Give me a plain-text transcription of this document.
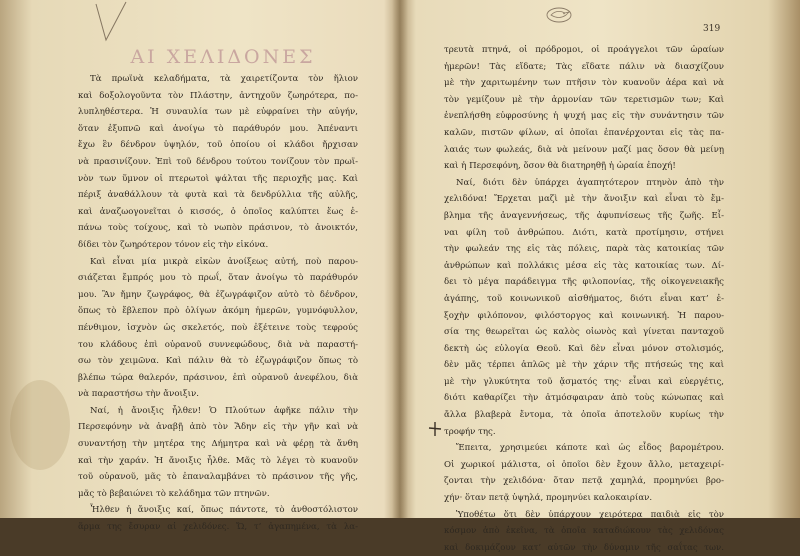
ΑΙ ΧΕΛΙΔΟΝΕΣ
Τὰ πρωϊνὰ κελαδήματα, τὰ χαιρετίζοντα τὸν ἥλιον
καὶ δοξολογοῦντα τὸν Πλάστην, ἀντηχοῦν ζωηρότερα, πο-
λυπληθέστερα. Ἡ συναυλία των μὲ εὐφραίνει τὴν αὐγήν,
ὅταν ἐξυπνῶ καὶ ἀνοίγω τὸ παράθυρόν μου. Ἀπέναντι
ἔχω ἓν δένδρον ὑψηλόν, τοῦ ὁποίου οἱ κλάδοι ἤρχισαν
νὰ πρασινίζουν. Ἐπὶ τοῦ δένδρου τούτου τονίζουν τὸν πρωϊ-
νὸν των ὕμνον οἱ πτερωτοὶ ψάλται τῆς περιοχῆς μας. Καὶ
πέριξ ἀναθάλλουν τὰ φυτὰ καὶ τὰ δενδρύλλια τῆς αὐλῆς,
καὶ ἀναζωογονεῖται ὁ κισσός, ὁ ὁποῖος καλύπτει ἕως ἐ-
πάνω τοὺς τοίχους, καὶ τὸ νωπὸν πράσινον, τὸ ἀνοικτόν,
δίδει τὸν ζωηρότερον τόνον εἰς τὴν εἰκόνα.
Καὶ εἶναι μία μικρὰ εἰκὼν ἀνοίξεως αὐτή, ποὺ παρου-
σιάζεται ἔμπρός μου τὸ πρωΐ, ὅταν ἀνοίγω τὸ παράθυρόν
μου. Ἂν ἤμην ζωγράφος, θὰ ἐζωγράφιζον αὐτὸ τὸ δένδρον,
ὅπως τὸ ἔβλεπον πρὸ ὀλίγων ἀκόμη ἡμερῶν, γυμνόφυλλον,
πένθιμον, ἰσχνὸν ὡς σκελετός, ποὺ ἐξέτεινε τοὺς τεφρούς
του κλάδους ἐπὶ οὐρανοῦ συννεφώδους, διὰ νὰ παραστή-
σω τὸν χειμῶνα. Καὶ πάλιν θὰ τὸ ἐζωγράφιζον ὅπως τὸ
βλέπω τώρα θαλερόν, πράσινον, ἐπὶ οὐρανοῦ ἀνεφέλου, διὰ
νὰ παραστήσω τὴν ἄνοιξιν.
Ναί, ἡ ἄνοιξις ἦλθεν! Ὁ Πλούτων ἀφῆκε πάλιν τὴν
Περσεφόνην νὰ ἀναβῇ ἀπὸ τὸν Ἅδην εἰς τὴν γῆν καὶ νὰ
συναντήσῃ τὴν μητέρα της Δήμητρα καὶ νὰ φέρῃ τὰ ἄνθη
καὶ τὴν χαράν. Ἡ ἄνοιξις ἦλθε. Μᾶς τὸ λέγει τὸ κυανοῦν
τοῦ οὐρανοῦ, μᾶς τὸ ἐπαναλαμβάνει τὸ πράσινον τῆς γῆς,
μᾶς τὸ βεβαιώνει τὸ κελάδημα τῶν πτηνῶν.
Ἦλθεν ἡ ἄνοιξις καί, ὅπως πάντοτε, τὸ ἀνθοστόλιστον
ἅρμα της ἔσυραν αἱ χελιδόνες. Ὤ, τ’ ἀγαπημένα, τὰ λα-
319
τρευτὰ πτηνά, οἱ πρόδρομοι, οἱ προάγγελοι τῶν ὡραίων
ἡμερῶν! Τὰς εἴδατε; Τὰς εἴδατε πάλιν νὰ διασχίζουν
μὲ τὴν χαριτωμένην των πτῆσιν τὸν κυανοῦν ἀέρα καὶ νὰ
τὸν γεμίζουν μὲ τὴν ἁρμονίαν τῶν τερετισμῶν των; Καὶ
ἐνεπλήσθη εὐφροσύνης ἡ ψυχή μας εἰς τὴν συνάντησιν τῶν
καλῶν, πιστῶν φίλων, αἱ ὁποῖαι ἐπανέρχονται εἰς τὰς πα-
λαιάς των φωλεάς, διὰ νὰ μείνουν μαζί μας ὅσον θὰ μείνῃ
καὶ ἡ Περσεφόνη, ὅσον θὰ διατηρηθῇ ἡ ὡραία ἐποχή!
Ναί, διότι δὲν ὑπάρχει ἀγαπητότερον πτηνὸν ἀπὸ τὴν
χελιδόνα! Ἔρχεται μαζὶ μὲ τὴν ἄνοιξιν καὶ εἶναι τὸ ἔμ-
βλημα τῆς ἀναγεννήσεως, τῆς ἀφυπνίσεως τῆς ζωῆς. Εἶ-
ναι φίλη τοῦ ἀνθρώπου. Διότι, κατὰ προτίμησιν, στήνει
τὴν φωλεάν της εἰς τὰς πόλεις, παρὰ τὰς κατοικίας τῶν
ἀνθρώπων καὶ πολλάκις μέσα εἰς τὰς κατοικίας των. Δί-
δει τὸ μέγα παράδειγμα τῆς φιλοπονίας, τῆς οἰκογενειακῆς
ἀγάπης, τοῦ κοινωνικοῦ αἰσθήματος, διότι εἶναι κατ’ ἐ-
ξοχὴν φιλόπονον, φιλόστοργος καὶ κοινωνική. Ἡ παρου-
σία της θεωρεῖται ὡς καλὸς οἰωνὸς καὶ γίνεται πανταχοῦ
δεκτὴ ὡς εὐλογία Θεοῦ. Καὶ δὲν εἶναι μόνον στολισμός,
δὲν μᾶς τέρπει ἁπλῶς μὲ τὴν χάριν τῆς πτήσεώς της καὶ
μὲ τὴν γλυκύτητα τοῦ ᾄσματός της· εἶναι καὶ εὐεργέτις,
διότι καθαρίζει τὴν ἀτμόσφαιραν ἀπὸ τοὺς κώνωπας καὶ
ἄλλα βλαβερὰ ἔντομα, τὰ ὁποῖα ἀποτελοῦν κυρίως τὴν
τροφήν της.
Ἔπειτα, χρησιμεύει κάποτε καὶ ὡς εἶδος βαρομέτρου.
Οἱ χωρικοί μάλιστα, οἱ ὁποῖοι δὲν ἔχουν ἄλλο, μεταχειρί-
ζονται τὴν χελιδόνα· ὅταν πετᾷ χαμηλά, προμηνύει βρο-
χήν· ὅταν πετᾷ ὑψηλά, προμηνύει καλοκαιρίαν.
Ὑποθέτω ὅτι δὲν ὑπάρχουν χειρότερα παιδιὰ εἰς τὸν
κόσμον ἀπὸ ἐκεῖνα, τὰ ὁποῖα καταδιώκουν τὰς χελιδόνας
καὶ δοκιμάζουν κατ’ αὐτῶν τὴν δύναμιν τῆς σαΐτας των.
